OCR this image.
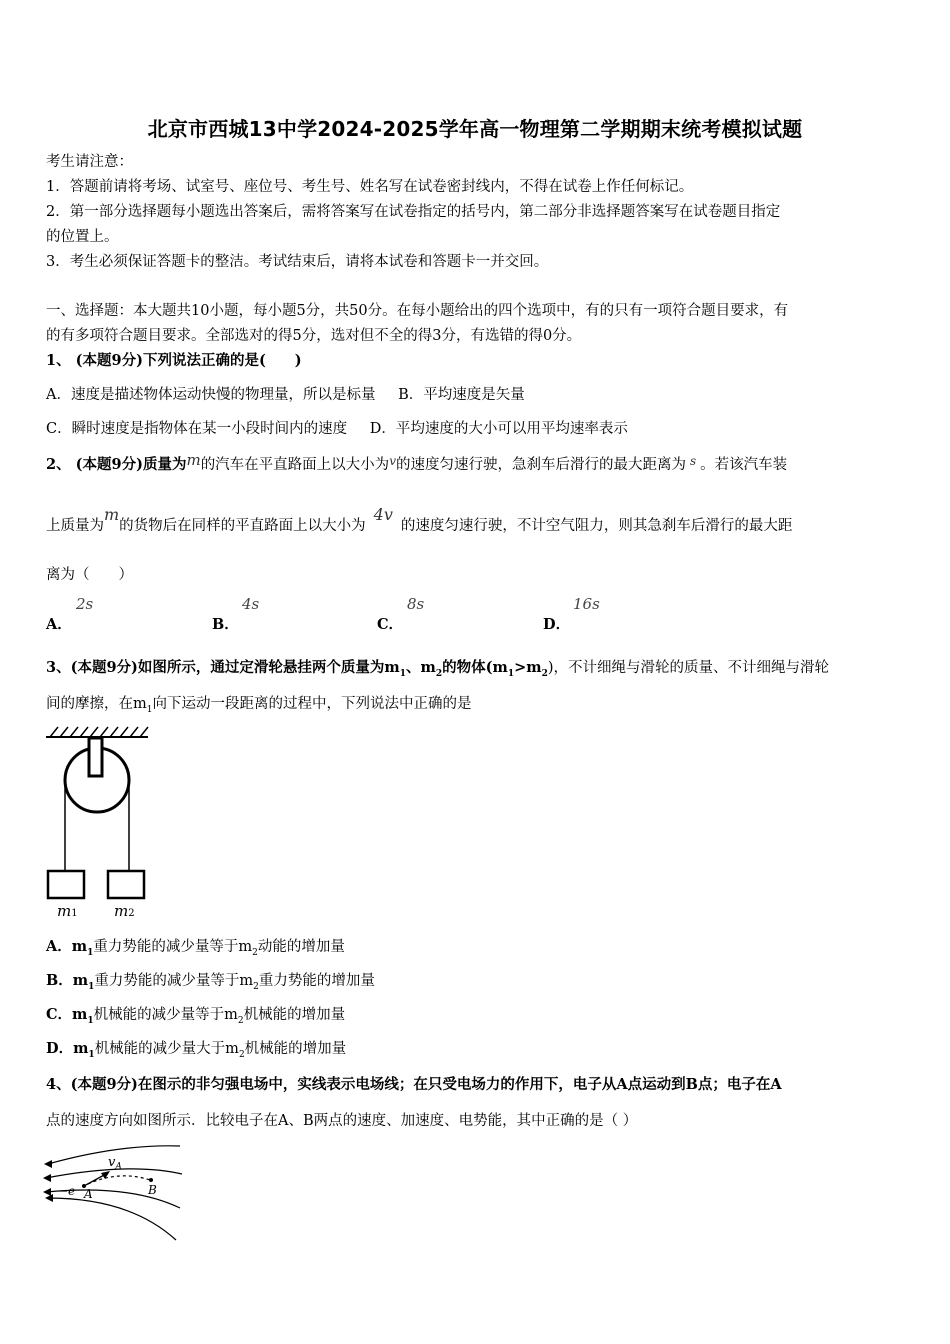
北京市西城13中学2024-2025学年高一物理第二学期期末统考模拟试题
考生请注意：
1．答题前请将考场、试室号、座位号、考生号、姓名写在试卷密封线内，不得在试卷上作任何标记。
2．第一部分选择题每小题选出答案后，需将答案写在试卷指定的括号内，第二部分非选择题答案写在试卷题目指定
的位置上。
3．考生必须保证答题卡的整洁。考试结束后，请将本试卷和答题卡一并交回。
一、选择题：本大题共10小题，每小题5分，共50分。在每小题给出的四个选项中，有的只有一项符合题目要求，有
的有多项符合题目要求。全部选对的得5分，选对但不全的得3分，有选错的得0分。
1、 (本题9分)下列说法正确的是(　　)
A．速度是描述物体运动快慢的物理量，所以是标量 B．平均速度是矢量
C．瞬时速度是指物体在某一小段时间内的速度 D．平均速度的大小可以用平均速率表示
2、 (本题9分)质量为m的汽车在平直路面上以大小为$^v$的速度匀速行驶，急刹车后滑行的最大距离为 $^s$ 。若该汽车装
上质量为m的货物后在同样的平直路面上以大小为4v的速度匀速行驶，不计空气阻力，则其急刹车后滑行的最大距
离为（　　）
A．
2s
B．
4s
C．
8s
D．
16s
3、(本题9分)如图所示，通过定滑轮悬挂两个质量为$m_1$、$m_2$的物体$(m_1>m_2)$，不计细绳与滑轮的质量、不计细绳与滑轮
间的摩擦，在$m_1$向下运动一段距离的过程中，下列说法中正确的是
m1 m2
A．$m_1$重力势能的减少量等于$m_2$动能的增加量
B．$m_1$重力势能的减少量等于$m_2$重力势能的增加量
C．$m_1$机械能的减少量等于$m_2$机械能的增加量
D．$m_1$机械能的减少量大于$m_2$机械能的增加量
4、(本题9分)在图示的非匀强电场中，实线表示电场线；在只受电场力的作用下，电子从A点运动到B点；电子在A
点的速度方向如图所示．比较电子在A、B两点的速度、加速度、电势能，其中正确的是（ ）
$v_A$
−e A	B
